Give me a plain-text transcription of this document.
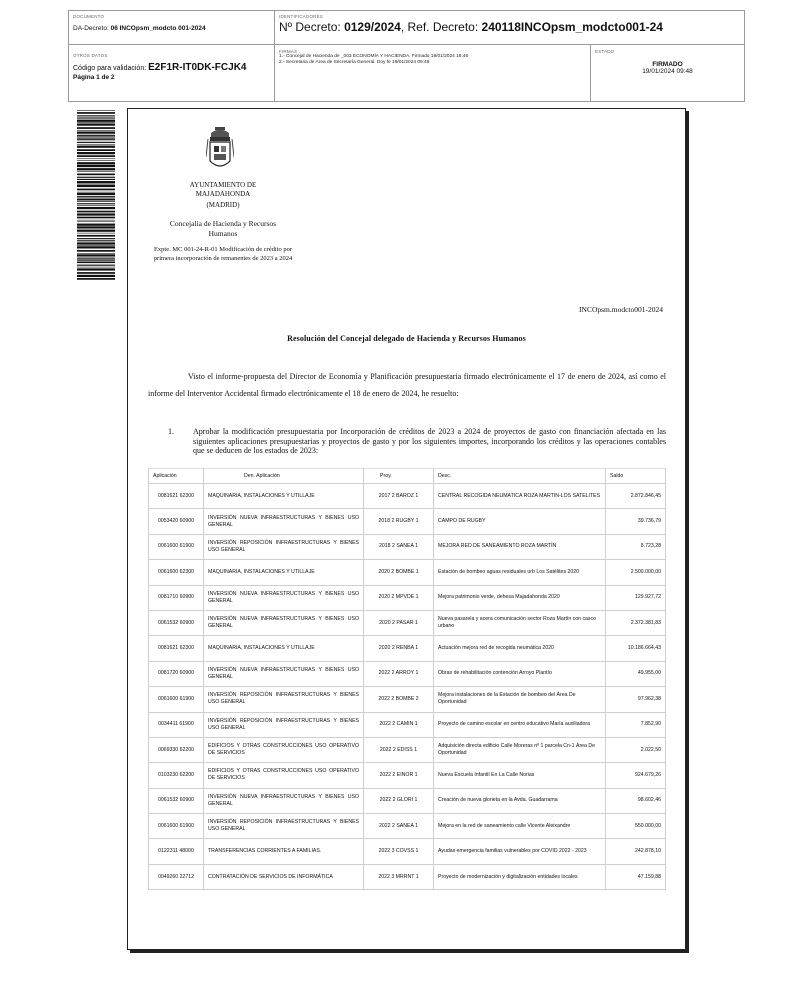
DOCUMENTO
DA-Decreto: 06 INCOpsm_modcto 001-2024
IDENTIFICADORES
Nº Decreto: 0129/2024, Ref. Decreto: 240118INCOpsm_modcto001-24
OTROS DATOS
Código para validación: E2F1R-IT0DK-FCJK4
Página 1 de 2
FIRMAS
1.- Concejal de Hacienda de _003 ECONOMÍA Y HACIENDA. Firmado 18/01/2024 18:46
2.- Secretaria de Area de Secretaría General. Doy fe 19/01/2024 09:48
ESTADO
FIRMADO
19/01/2024 09:48
AYUNTAMIENTO DE
MAJADAHONDA
(MADRID)
Concejalía de Hacienda y Recursos Humanos
Expte. MC 001-24-R-01 Modificación de crédito por primera incorporación de remanentes de 2023 a 2024
INCOpsm.modcto001-2024
Resolución del Concejal delegado de Hacienda y Recursos Humanos
Visto el informe-propuesta del Director de Economía y Planificación presupuestaria firmado electrónicamente el 17 de enero de 2024, así como el informe del Interventor Accidental firmado electrónicamente el 18 de enero de 2024, he resuelto:
1. Aprobar la modificación presupuestaria por Incorporación de créditos de 2023 a 2024 de proyectos de gasto con financiación afectada en las siguientes aplicaciones presupuestarias y proyectos de gasto y por los siguientes importes, incorporando los créditos y las operaciones contables que se deducen de los estados de 2023:
Aplicación	Den. Aplicación	Proy.	Desc.	Saldo
0081621 62300	MAQUINARIA, INSTALACIONES Y UTILLAJE	2017 2 BAROZ 1	CENTRAL RECOGIDA NEUMATICA ROZA MARTIN-LOS SATELITES	2.872.846,45
0053420 60900	INVERSIÓN NUEVA INFRAESTRUCTURAS Y BIENES USO GENERAL	2018 2 RUGBY 1	CAMPO DE RUGBY	39.736,79
0061600 61900	INVERSIÓN REPOSICIÓN INFRAESTRUCTURAS Y BIENES USO GENERAL	2018 2 SANEA 1	MEJORA RED DE SANEAMIENTO ROZA MARTÍN	8.723,28
0061600 62300	MAQUINARIA, INSTALACIONES Y UTILLAJE	2020 2 BOMBE 1	Estación de bombeo aguas residuales urb Los Satélites 2020	2.500.000,00
0081710 60900	INVERSIÓN NUEVA INFRAESTRUCTURAS Y BIENES USO GENERAL	2020 2 MPVDE 1	Mejora patrimonio verde, dehesa Majadahonda 2020	129.927,72
0061532 60900	INVERSIÓN NUEVA INFRAESTRUCTURAS Y BIENES USO GENERAL	2020 2 PASAR 1	Nueva pasarela y acera comunicación sector Roza Martín con casco urbano	2.372.381,83
0081621 62300	MAQUINARIA, INSTALACIONES Y UTILLAJE	2020 2 RENBA 1	Actuación mejora red de recogida neumática 2020	10.186.664,43
0081720 60900	INVERSIÓN NUEVA INFRAESTRUCTURAS Y BIENES USO GENERAL	2022 2 ARROY 1	Obras de rehabilitación contención Arroyo Plantío	49.955,00
0061600 61900	INVERSIÓN REPOSICIÓN INFRAESTRUCTURAS Y BIENES USO GENERAL	2022 2 BOMBE 2	Mejora instalaciones de la Estación de bombeo del Área De Oportunidad	97.962,38
0034411 61900	INVERSIÓN REPOSICIÓN INFRAESTRUCTURAS Y BIENES USO GENERAL	2022 2 CAMIN 1	Proyecto de camino escolar en centro educativo María auxiliadora	7.852,90
0069330 62200	EDIFICIOS Y OTRAS CONSTRUCCIONES USO OPERATIVO DE SERVICIOS	2022 2 EDISS 1	Adquisición directa edificio Calle Moreras nº 1 parcela Cn-1 Área De Oportunidad	2.022,50
0103230 62200	EDIFICIOS Y OTRAS CONSTRUCCIONES USO OPERATIVO DE SERVICIOS	2022 2 EINOR 1	Nueva Escuela Infantil En La Calle Norias	924.679,26
0061532 60900	INVERSIÓN NUEVA INFRAESTRUCTURAS Y BIENES USO GENERAL	2022 2 GLORI 1	Creación de nueva glorieta en la Avda. Guadarrama	98.602,46
0061600 61900	INVERSIÓN REPOSICIÓN INFRAESTRUCTURAS Y BIENES USO GENERAL	2022 2 SANEA 1	Mejora en la red de saneamiento calle Vicente Aleixandre	550.000,00
0122311 48000	TRANSFERENCIAS CORRIENTES A FAMILIAS.	2022 3 COVSS 1	Ayudas emergencia familias vulnerables por COVID 2022 - 2023	242.878,10
0049260 22712	CONTRATACIÓN DE SERVICIOS DE INFORMÁTICA	2022 3 MRRNT 1	Proyecto de modernización y digitalización entidades locales	47.159,88
